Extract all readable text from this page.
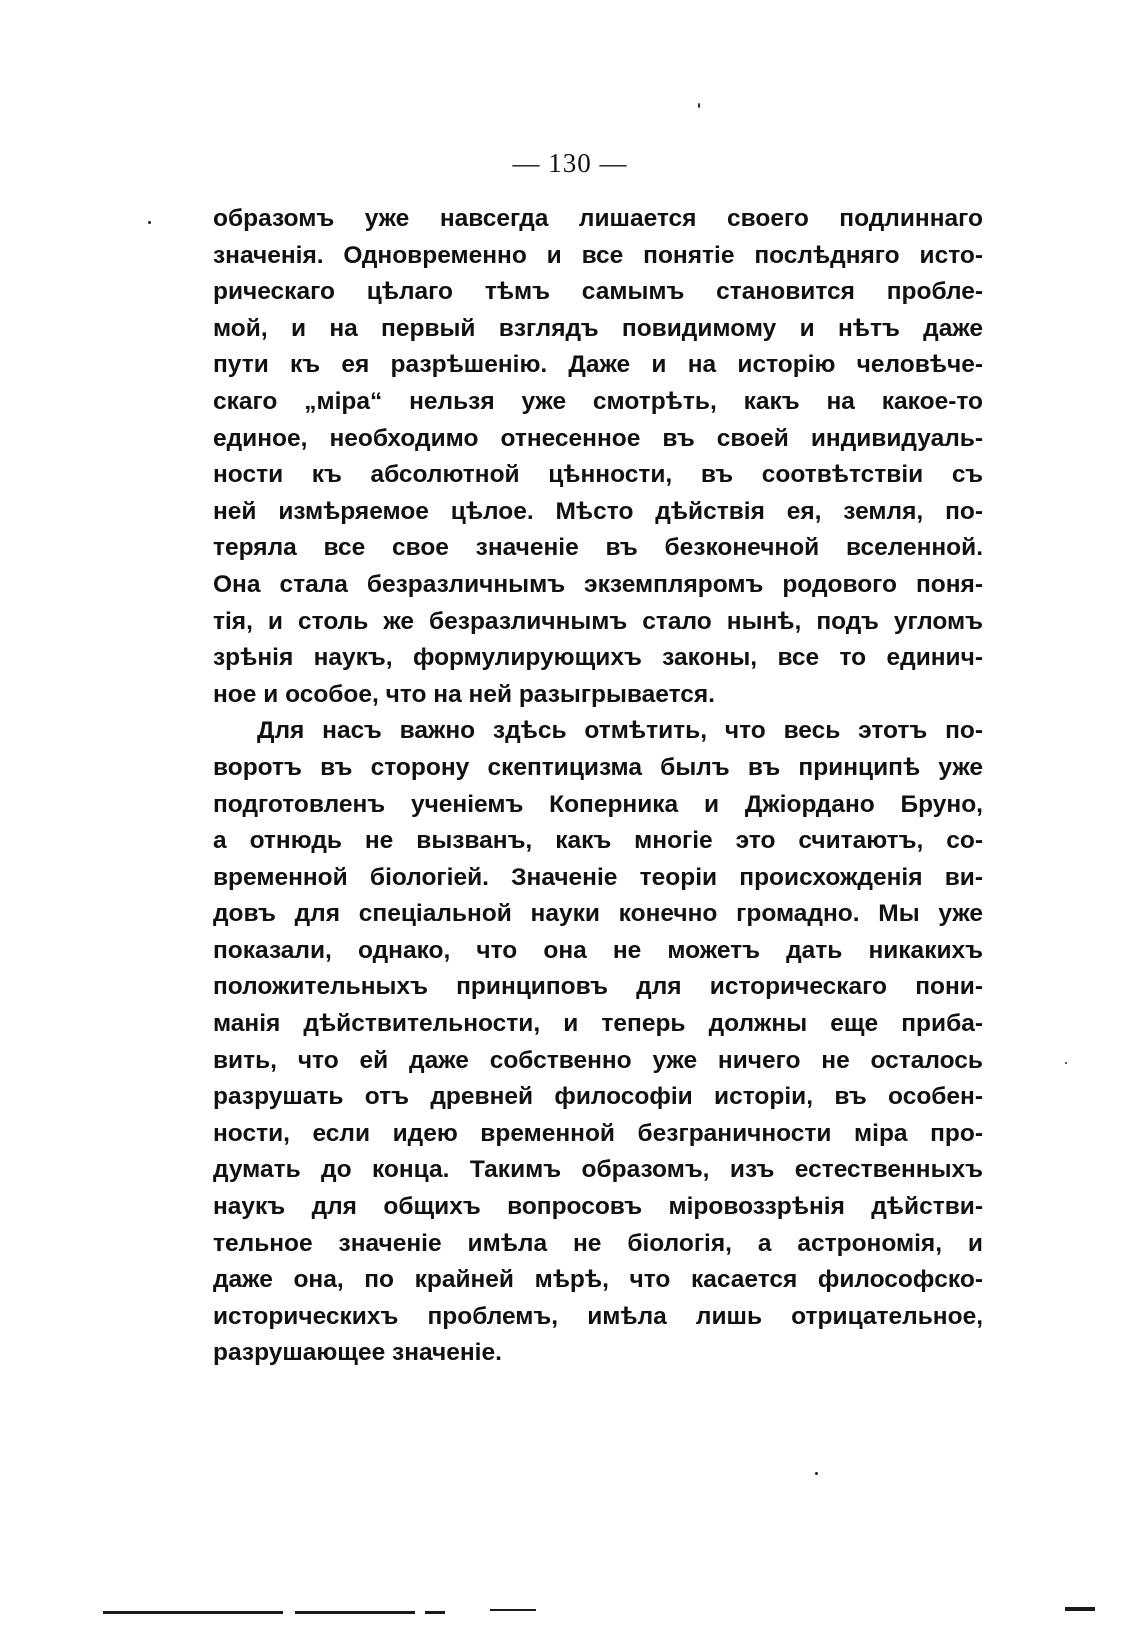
— 130 —
образомъ уже навсегда лишается своего подлиннаго
значенія. Одновременно и все понятіе послѣдняго исто-
рическаго цѣлаго тѣмъ самымъ становится пробле-
мой, и на первый взглядъ повидимому и нѣтъ даже
пути къ ея разрѣшенію. Даже и на исторію человѣче-
скаго „міра“ нельзя уже смотрѣть, какъ на какое-то
единое, необходимо отнесенное въ своей индивидуаль-
ности къ абсолютной цѣнности, въ соотвѣтствіи съ
ней измѣряемое цѣлое. Мѣсто дѣйствія ея, земля, по-
теряла все свое значеніе въ безконечной вселенной.
Она стала безразличнымъ экземпляромъ родового поня-
тія, и столь же безразличнымъ стало нынѣ, подъ угломъ
зрѣнія наукъ, формулирующихъ законы, все то единич-
ное и особое, что на ней разыгрывается.
Для насъ важно здѣсь отмѣтить, что весь этотъ по-
воротъ въ сторону скептицизма былъ въ принципѣ уже
подготовленъ ученіемъ Коперника и Джіордано Бруно,
а отнюдь не вызванъ, какъ многіе это считаютъ, со-
временной біологіей. Значеніе теоріи происхожденія ви-
довъ для спеціальной науки конечно громадно. Мы уже
показали, однако, что она не можетъ дать никакихъ
положительныхъ принциповъ для историческаго пони-
манія дѣйствительности, и теперь должны еще приба-
вить, что ей даже собственно уже ничего не осталось
разрушать отъ древней философіи исторіи, въ особен-
ности, если идею временной безграничности міра про-
думать до конца. Такимъ образомъ, изъ естественныхъ
наукъ для общихъ вопросовъ міровоззрѣнія дѣйстви-
тельное значеніе имѣла не біологія, а астрономія, и
даже она, по крайней мѣрѣ, что касается философско-
историческихъ проблемъ, имѣла лишь отрицательное,
разрушающее значеніе.
